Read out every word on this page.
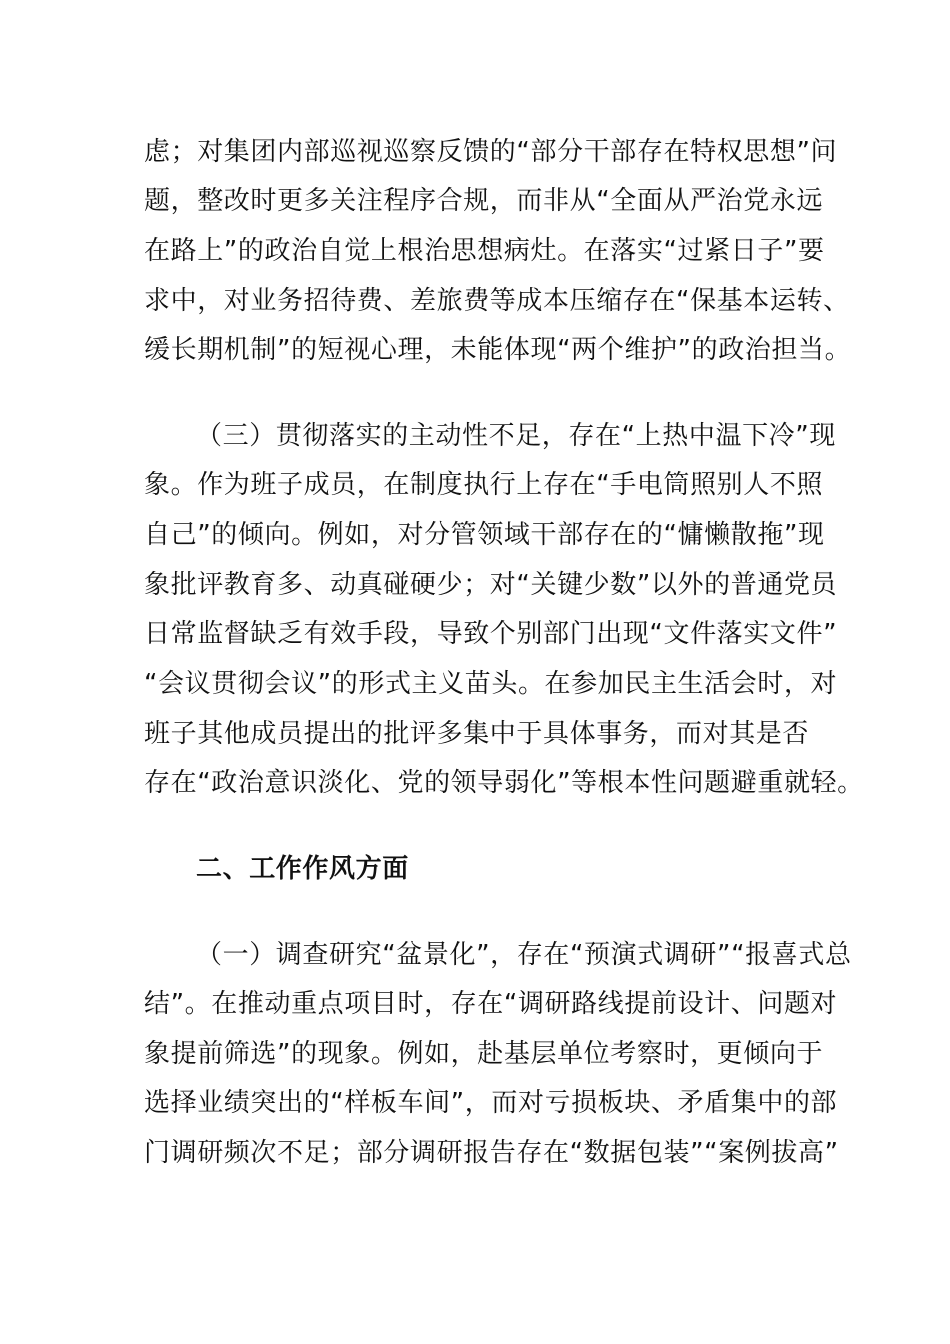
虑；对集团内部巡视巡察反馈的“部分干部存在特权思想”问
题，整改时更多关注程序合规，而非从“全面从严治党永远
在路上”的政治自觉上根治思想病灶。在落实“过紧日子”要
求中，对业务招待费、差旅费等成本压缩存在“保基本运转、
缓长期机制”的短视心理，未能体现“两个维护”的政治担当。
（三）贯彻落实的主动性不足，存在“上热中温下冷”现
象。作为班子成员，在制度执行上存在“手电筒照别人不照
自己”的倾向。例如，对分管领域干部存在的“慵懒散拖”现
象批评教育多、动真碰硬少；对“关键少数”以外的普通党员
日常监督缺乏有效手段，导致个别部门出现“文件落实文件”
“会议贯彻会议”的形式主义苗头。在参加民主生活会时，对
班子其他成员提出的批评多集中于具体事务，而对其是否
存在“政治意识淡化、党的领导弱化”等根本性问题避重就轻。
二、工作作风方面
（一）调查研究“盆景化”，存在“预演式调研”“报喜式总
结”。在推动重点项目时，存在“调研路线提前设计、问题对
象提前筛选”的现象。例如，赴基层单位考察时，更倾向于
选择业绩突出的“样板车间”，而对亏损板块、矛盾集中的部
门调研频次不足；部分调研报告存在“数据包装”“案例拔高”
